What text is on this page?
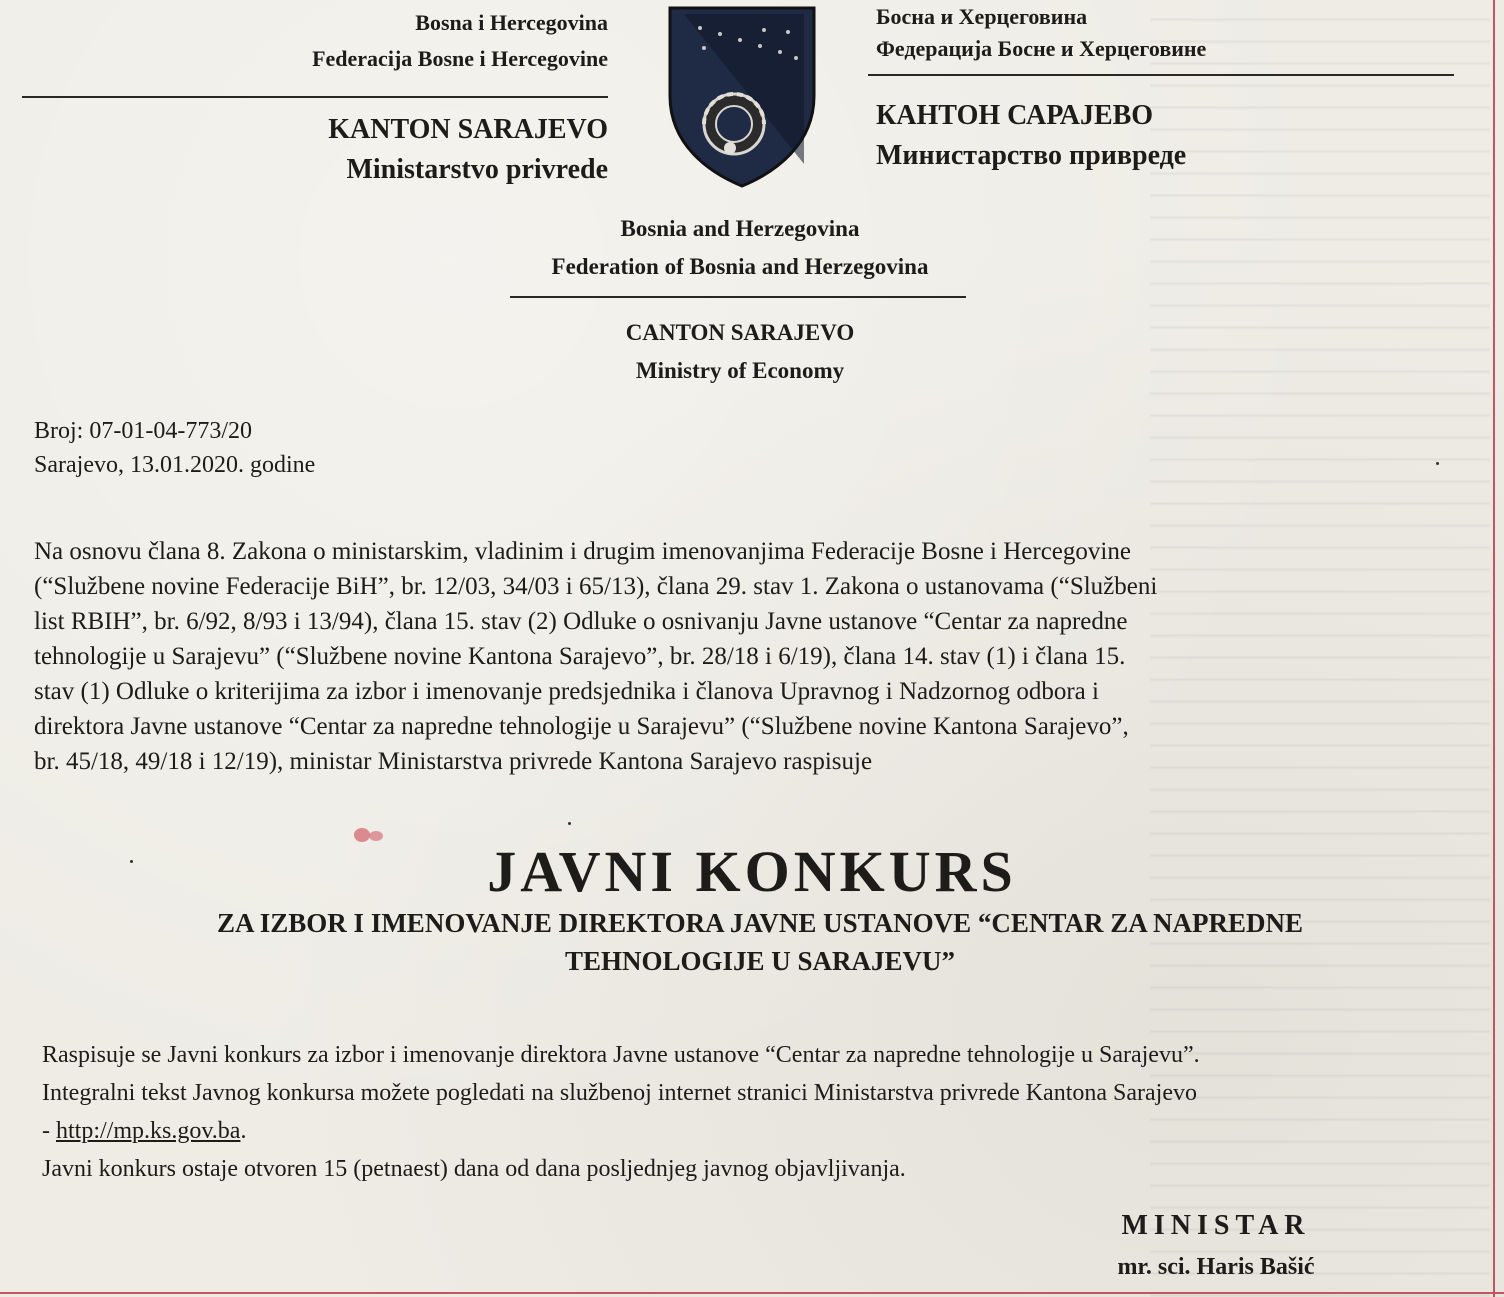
Bosna i Hercegovina
Federacija Bosne i Hercegovine
KANTON SARAJEVO
Ministarstvo privrede
Босна и Херцеговина
Федерација Босне и Херцеговине
КАНТОН САРАЈЕВО
Министарство привреде
Bosnia and Herzegovina
Federation of Bosnia and Herzegovina
CANTON SARAJEVO
Ministry of Economy
Broj: 07-01-04-773/20
Sarajevo, 13.01.2020. godine
Na osnovu člana 8. Zakona o ministarskim, vladinim i drugim imenovanjima Federacije Bosne i Hercegovine
(“Službene novine Federacije BiH”, br. 12/03, 34/03 i 65/13), člana 29. stav 1. Zakona o ustanovama (“Službeni
list RBIH”, br. 6/92, 8/93 i 13/94), člana 15. stav (2) Odluke o osnivanju Javne ustanove “Centar za napredne
tehnologije u Sarajevu” (“Službene novine Kantona Sarajevo”, br. 28/18 i 6/19), člana 14. stav (1) i člana 15.
stav (1) Odluke o kriterijima za izbor i imenovanje predsjednika i članova Upravnog i Nadzornog odbora i
direktora Javne ustanove “Centar za napredne tehnologije u Sarajevu” (“Službene novine Kantona Sarajevo”,
br. 45/18, 49/18 i 12/19), ministar Ministarstva privrede Kantona Sarajevo raspisuje
JAVNI KONKURS
ZA IZBOR I IMENOVANJE DIREKTORA JAVNE USTANOVE “CENTAR ZA NAPREDNE
TEHNOLOGIJE U SARAJEVU”
Raspisuje se Javni konkurs za izbor i imenovanje direktora Javne ustanove “Centar za napredne tehnologije u Sarajevu”.
Integralni tekst Javnog konkursa možete pogledati na službenoj internet stranici Ministarstva privrede Kantona Sarajevo
- http://mp.ks.gov.ba.
Javni konkurs ostaje otvoren 15 (petnaest) dana od dana posljednjeg javnog objavljivanja.
MINISTAR
mr. sci. Haris Bašić
